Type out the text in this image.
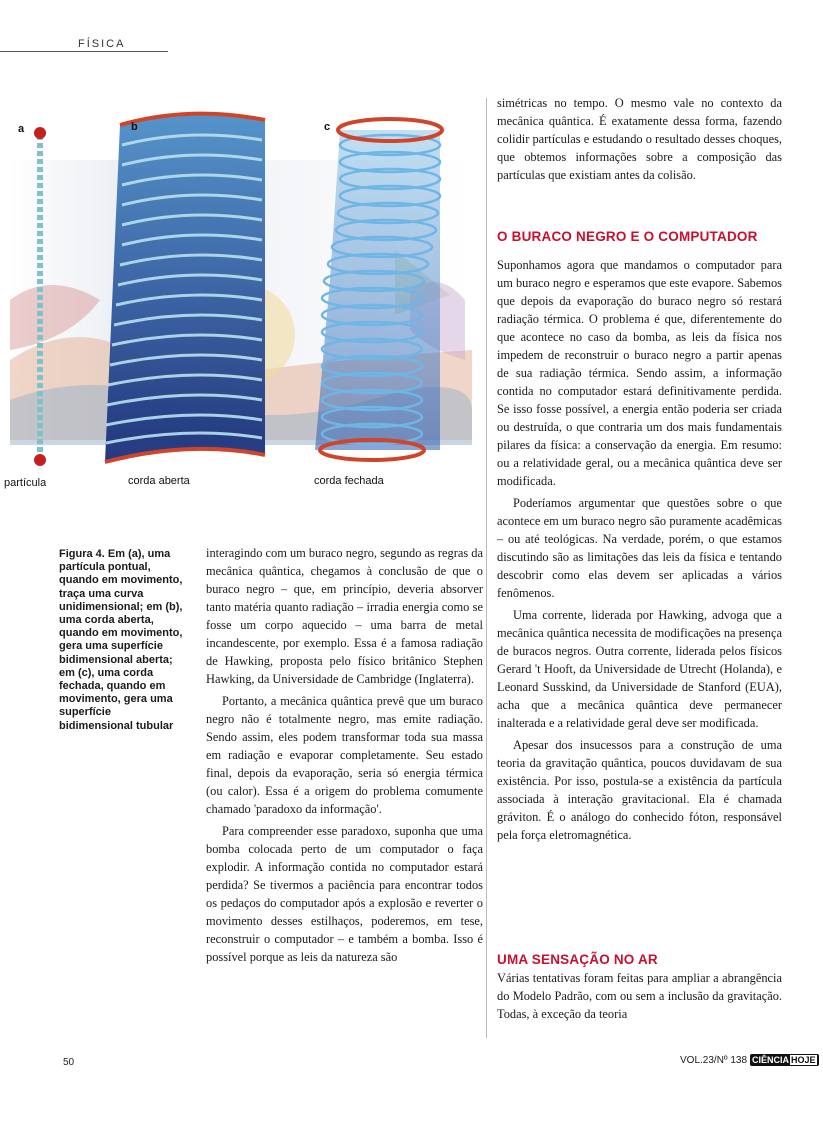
FÍSICA
a	b	c
partícula	corda aberta	corda fechada
Figura 4. Em (a), uma partícula pontual, quando em movimento, traça uma curva unidimensional; em (b), uma corda aberta, quando em movimento, gera uma superfície bidimensional aberta; em (c), uma corda fechada, quando em movimento, gera uma superfície bidimensional tubular

interagindo com um buraco negro, segundo as regras da mecânica quântica, chegamos à conclusão de que o buraco negro – que, em princípio, deveria absorver tanto matéria quanto radiação – irradia energia como se fosse um corpo aquecido – uma barra de metal incandescente, por exemplo. Essa é a famosa radiação de Hawking, proposta pelo físico britânico Stephen Hawking, da Universidade de Cambridge (Inglaterra).

Portanto, a mecânica quântica prevê que um buraco negro não é totalmente negro, mas emite radiação. Sendo assim, eles podem transformar toda sua massa em radiação e evaporar completamente. Seu estado final, depois da evaporação, seria só energia térmica (ou calor). Essa é a origem do problema comumente chamado 'paradoxo da informação'.

Para compreender esse paradoxo, suponha que uma bomba colocada perto de um computador o faça explodir. A informação contida no computador estará perdida? Se tivermos a paciência para encontrar todos os pedaços do computador após a explosão e reverter o movimento desses estilhaços, poderemos, em tese, reconstruir o computador – e também a bomba. Isso é possível porque as leis da natureza são

simétricas no tempo. O mesmo vale no contexto da mecânica quântica. É exatamente dessa forma, fazendo colidir partículas e estudando o resultado desses choques, que obtemos informações sobre a composição das partículas que existiam antes da colisão.

O BURACO NEGRO E O COMPUTADOR

Suponhamos agora que mandamos o computador para um buraco negro e esperamos que este evapore. Sabemos que depois da evaporação do buraco negro só restará radiação térmica. O problema é que, diferentemente do que acontece no caso da bomba, as leis da física nos impedem de reconstruir o buraco negro a partir apenas de sua radiação térmica. Sendo assim, a informação contida no computador estará definitivamente perdida. Se isso fosse possível, a energia então poderia ser criada ou destruída, o que contraria um dos mais fundamentais pilares da física: a conservação da energia. Em resumo: ou a relatividade geral, ou a mecânica quântica deve ser modificada.

Poderíamos argumentar que questões sobre o que acontece em um buraco negro são puramente acadêmicas – ou até teológicas. Na verdade, porém, o que estamos discutindo são as limitações das leis da física e tentando descobrir como elas devem ser aplicadas a vários fenômenos.

Uma corrente, liderada por Hawking, advoga que a mecânica quântica necessita de modificações na presença de buracos negros. Outra corrente, liderada pelos físicos Gerard 't Hooft, da Universidade de Utrecht (Holanda), e Leonard Susskind, da Universidade de Stanford (EUA), acha que a mecânica quântica deve permanecer inalterada e a relatividade geral deve ser modificada.

Apesar dos insucessos para a construção de uma teoria da gravitação quântica, poucos duvidavam de sua existência. Por isso, postula-se a existência da partícula associada à interação gravitacional. Ela é chamada gráviton. É o análogo do conhecido fóton, responsável pela força eletromagnética.

UMA SENSAÇÃO NO AR

Várias tentativas foram feitas para ampliar a abrangência do Modelo Padrão, com ou sem a inclusão da gravitação. Todas, à exceção da teoria

50	VOL.23/Nº 138 CIÊNCIA HOJE
